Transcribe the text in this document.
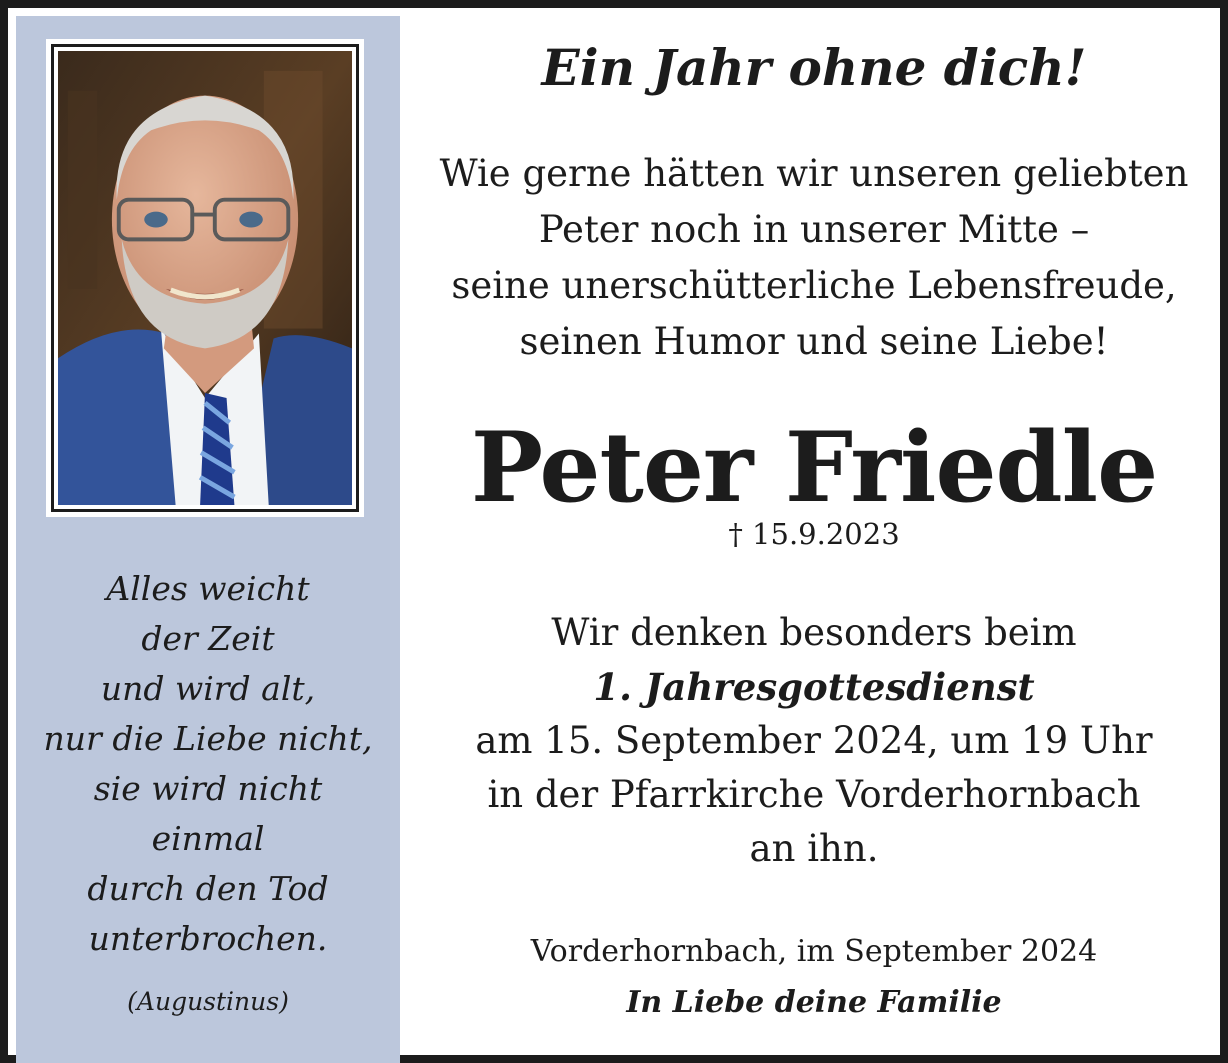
Alles weicht
der Zeit
und wird alt,
nur die Liebe nicht,
sie wird nicht
einmal
durch den Tod
unterbrochen.
(Augustinus)
Ein Jahr ohne dich!
Wie gerne hätten wir unseren geliebten
Peter noch in unserer Mitte –
seine unerschütterliche Lebensfreude,
seinen Humor und seine Liebe!
Peter Friedle
† 15.9.2023
Wir denken besonders beim
1. Jahresgottesdienst
am 15. September 2024, um 19 Uhr
in der Pfarrkirche Vorderhornbach
an ihn.
Vorderhornbach, im September 2024
In Liebe deine Familie
